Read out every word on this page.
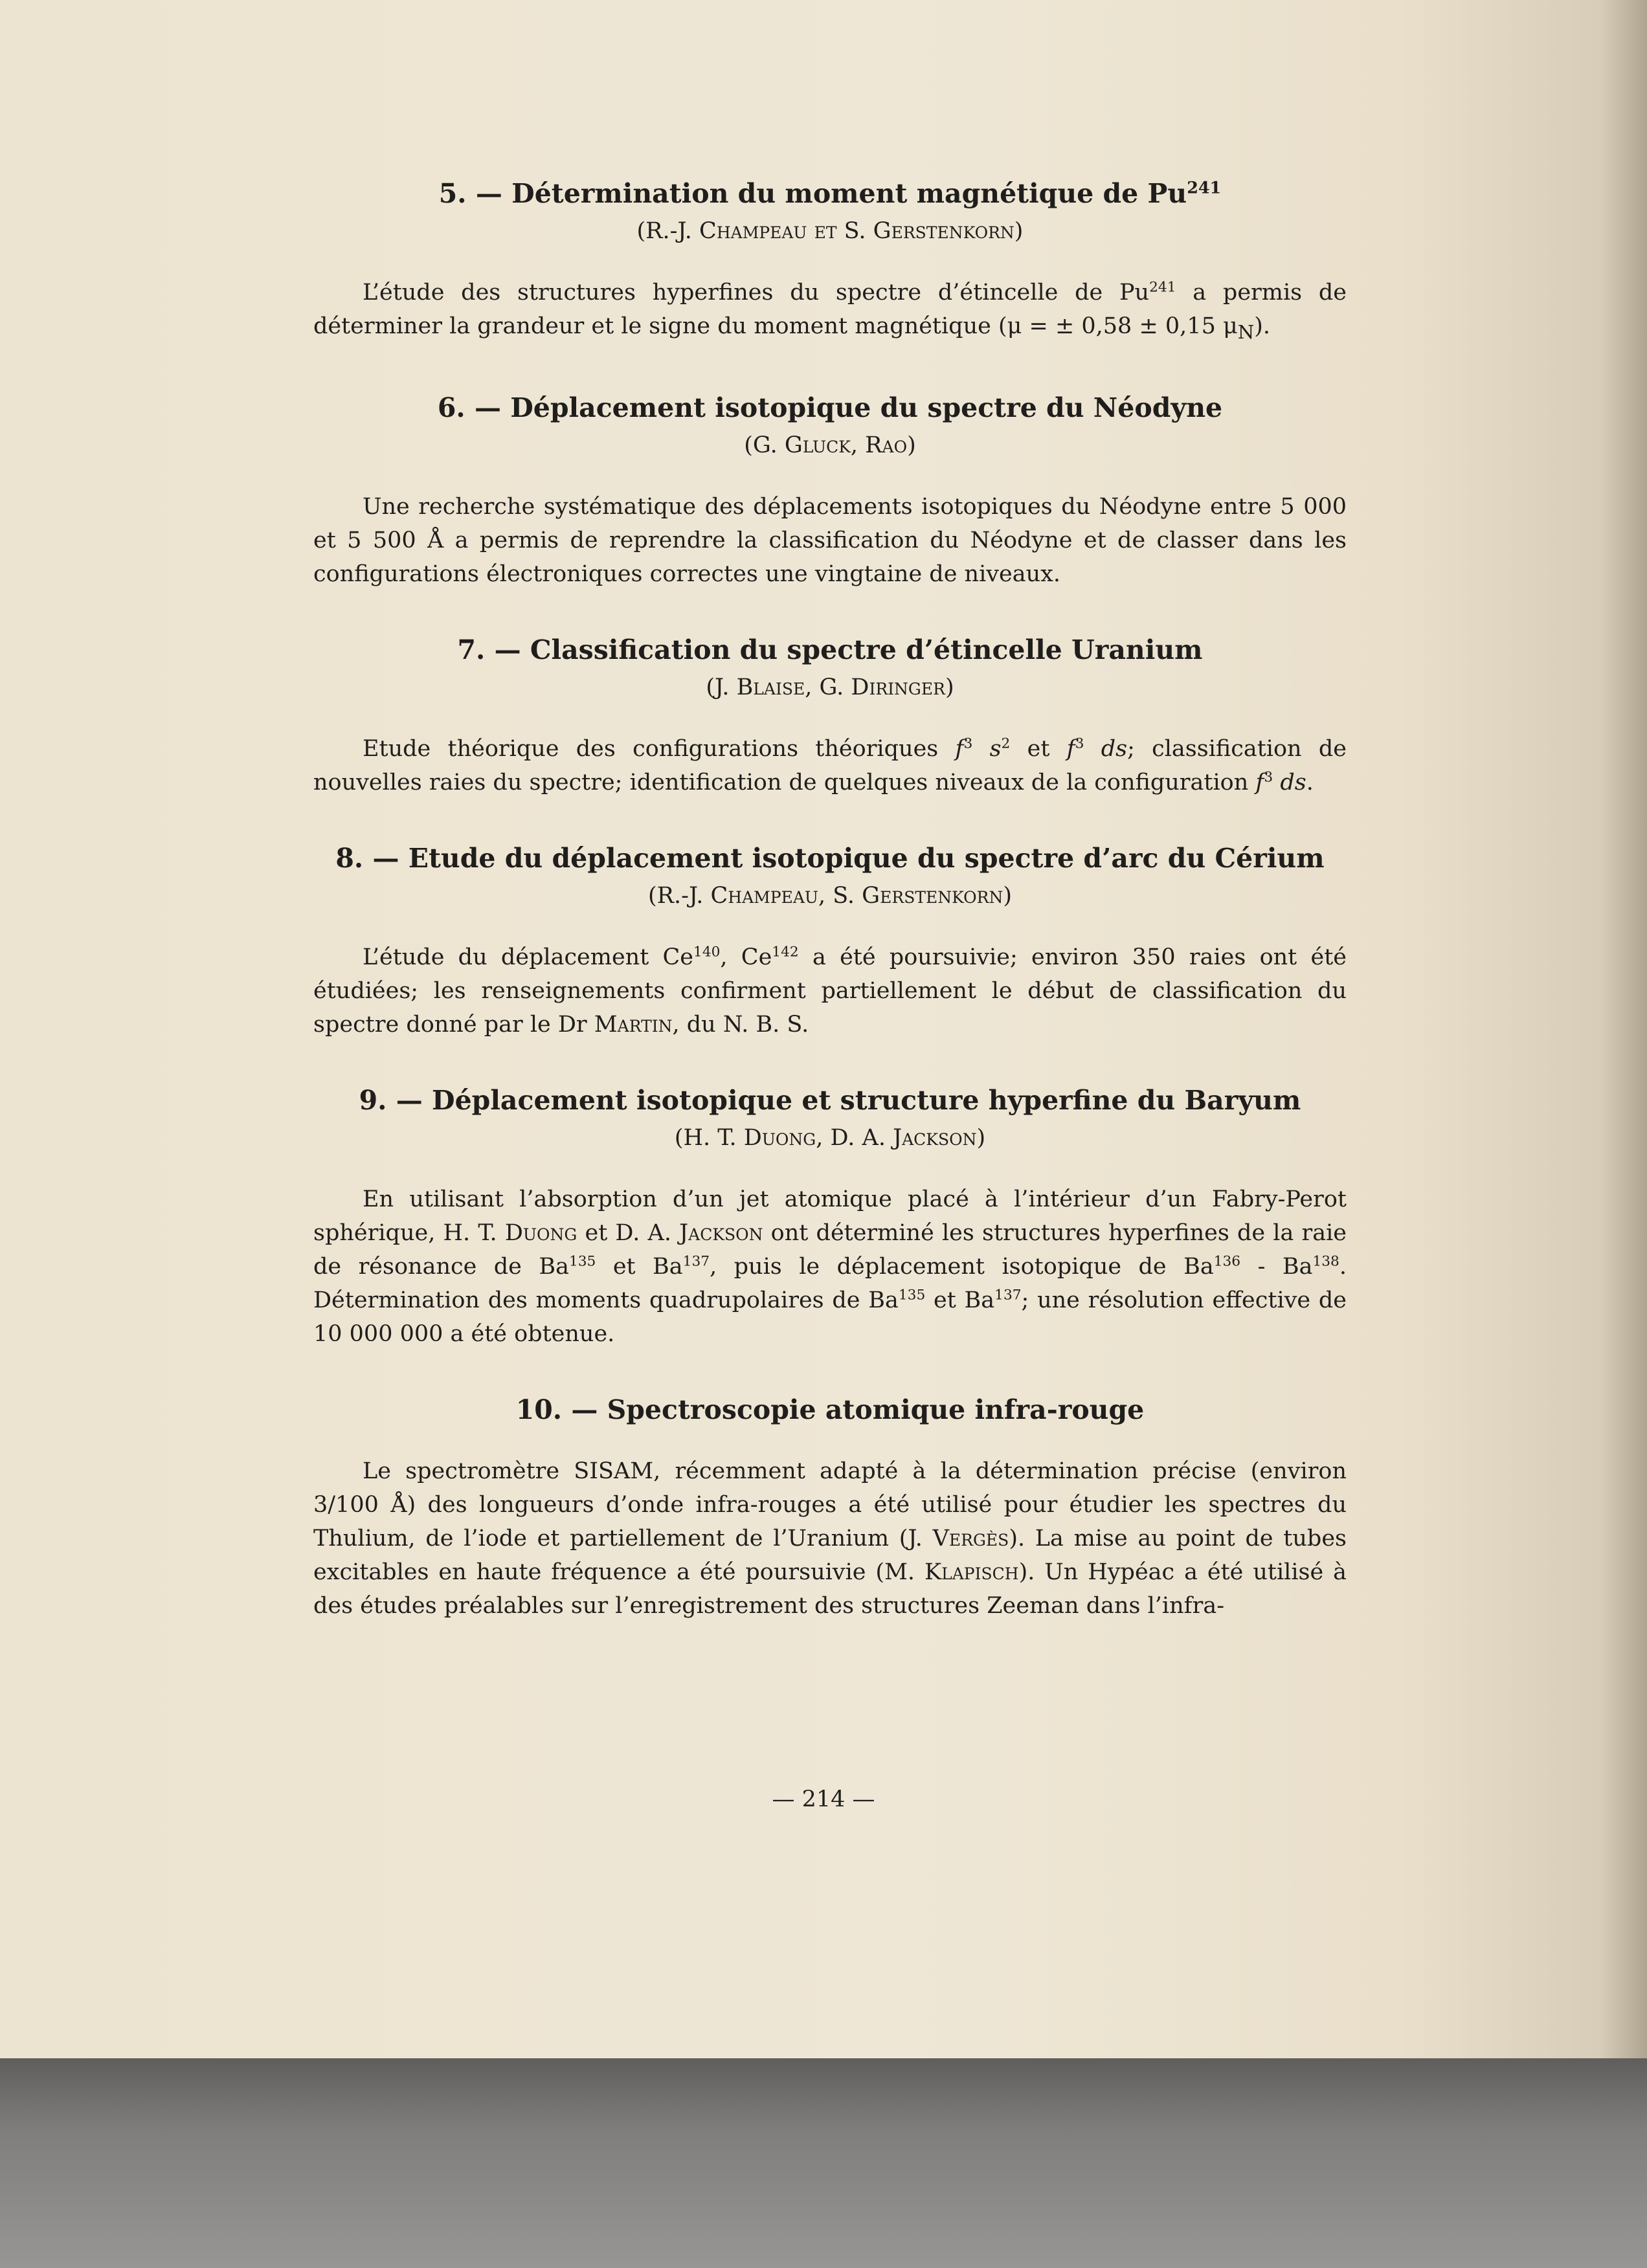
5. — Détermination du moment magnétique de Pu$^{241}$

(R.-J. Champeau et S. Gerstenkorn)

L’étude des structures hyperfines du spectre d’étincelle de Pu$^{241}$ a permis de déterminer la grandeur et le signe du moment magnétique (μ = ± 0,58 ± 0,15 $\mu_N$).

6. — Déplacement isotopique du spectre du Néodyne

(G. Gluck, Rao)

Une recherche systématique des déplacements isotopiques du Néodyne entre 5 000 et 5 500 Å a permis de reprendre la classification du Néodyne et de classer dans les configurations électroniques correctes une vingtaine de niveaux.

7. — Classification du spectre d’étincelle Uranium

(J. Blaise, G. Diringer)

Etude théorique des configurations théoriques $f^3$ $s^2$ et $f^3$ ds; classification de nouvelles raies du spectre; identification de quelques niveaux de la configuration $f^3$ ds.

8. — Etude du déplacement isotopique du spectre d’arc du Cérium

(R.-J. Champeau, S. Gerstenkorn)

L’étude du déplacement Ce$^{140}$, Ce$^{142}$ a été poursuivie; environ 350 raies ont été étudiées; les renseignements confirment partiellement le début de classification du spectre donné par le Dr Martin, du N. B. S.

9. — Déplacement isotopique et structure hyperfine du Baryum

(H. T. Duong, D. A. Jackson)

En utilisant l’absorption d’un jet atomique placé à l’intérieur d’un Fabry-Perot sphérique, H. T. Duong et D. A. Jackson ont déterminé les structures hyperfines de la raie de résonance de Ba$^{135}$ et Ba$^{137}$, puis le déplacement isotopique de Ba$^{136}$ - Ba$^{138}$. Détermination des moments quadrupolaires de Ba$^{135}$ et Ba$^{137}$; une résolution effective de 10 000 000 a été obtenue.

10. — Spectroscopie atomique infra-rouge

Le spectromètre SISAM, récemment adapté à la détermination précise (environ 3/100 Å) des longueurs d’onde infra-rouges a été utilisé pour étudier les spectres du Thulium, de l’iode et partiellement de l’Uranium (J. Vergès). La mise au point de tubes excitables en haute fréquence a été poursuivie (M. Klapisch). Un Hypéac a été utilisé à des études préalables sur l’enregistrement des structures Zeeman dans l’infra-

— 214 —
